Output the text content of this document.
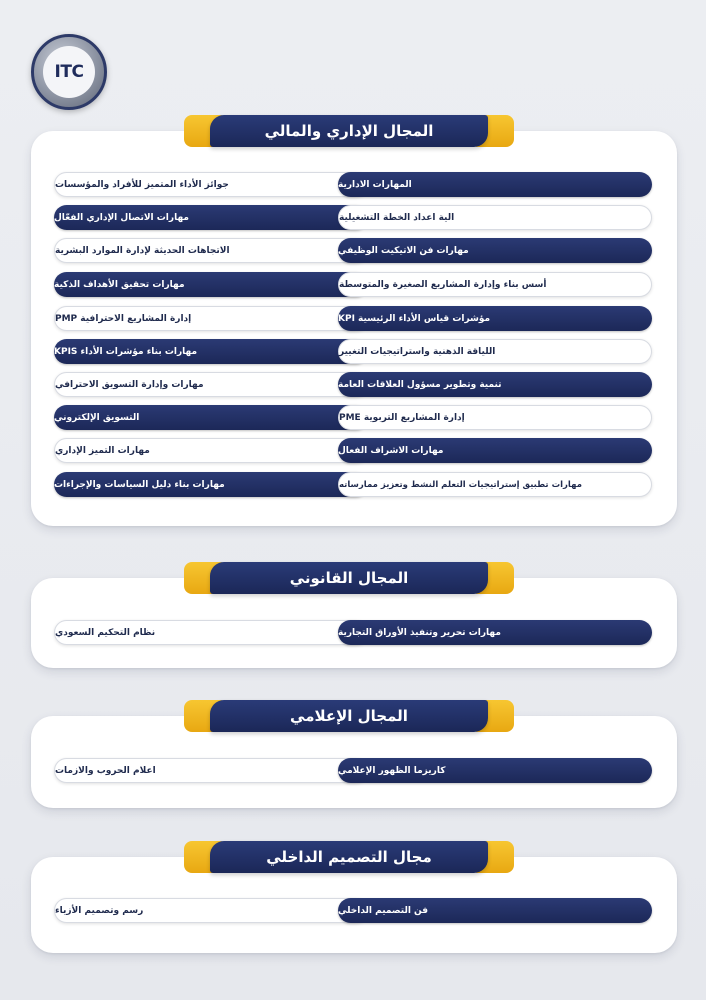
ITC
المجال الإداري والمالي
المهارات الادارية
جوائز الأداء المتميز للأفراد والمؤسسات
الية اعداد الخطة التشغيلية
مهارات الاتصال الإداري الفعّال
مهارات فن الاتيكيت الوظيفي
الاتجاهات الحديثة لإدارة الموارد البشرية
أسس بناء وإدارة المشاريع الصغيرة والمتوسطة
مهارات تحقيق الأهداف الذكية
مؤشرات قياس الأداء الرئيسية KPI
إدارة المشاريع الاحترافية PMP
اللياقة الذهنية واستراتيجيات التغيير
مهارات بناء مؤشرات الأداء KPIS
تنمية وتطوير مسؤول العلاقات العامة
مهارات وإدارة التسويق الاحترافي
إدارة المشاريع التربوية PME
التسويق الإلكتروني
مهارات الاشراف الفعال
مهارات التميز الإداري
مهارات تطبيق إستراتيجيات التعلم النشط وتعزيز ممارساته
مهارات بناء دليل السياسات والإجراءات
المجال القانوني
مهارات تحرير وتنفيذ الأوراق التجارية
نظام التحكيم السعودي
المجال الإعلامي
كاريزما الظهور الإعلامي
اعلام الحروب والازمات
مجال التصميم الداخلي
فن التصميم الداخلي
رسم وتصميم الأزياء
